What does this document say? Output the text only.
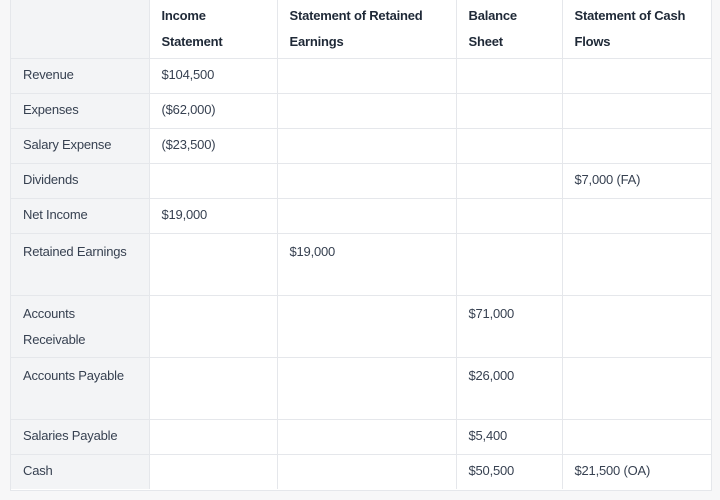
	Income Statement	Statement of Retained Earnings	Balance Sheet	Statement of Cash Flows
Revenue	$104,500			
Expenses	($62,000)			
Salary Expense	($23,500)			
Dividends				$7,000 (FA)
Net Income	$19,000			
Retained Earnings		$19,000		
Accounts Receivable			$71,000	
Accounts Payable			$26,000	
Salaries Payable			$5,400	
Cash			$50,500	$21,500 (OA)
